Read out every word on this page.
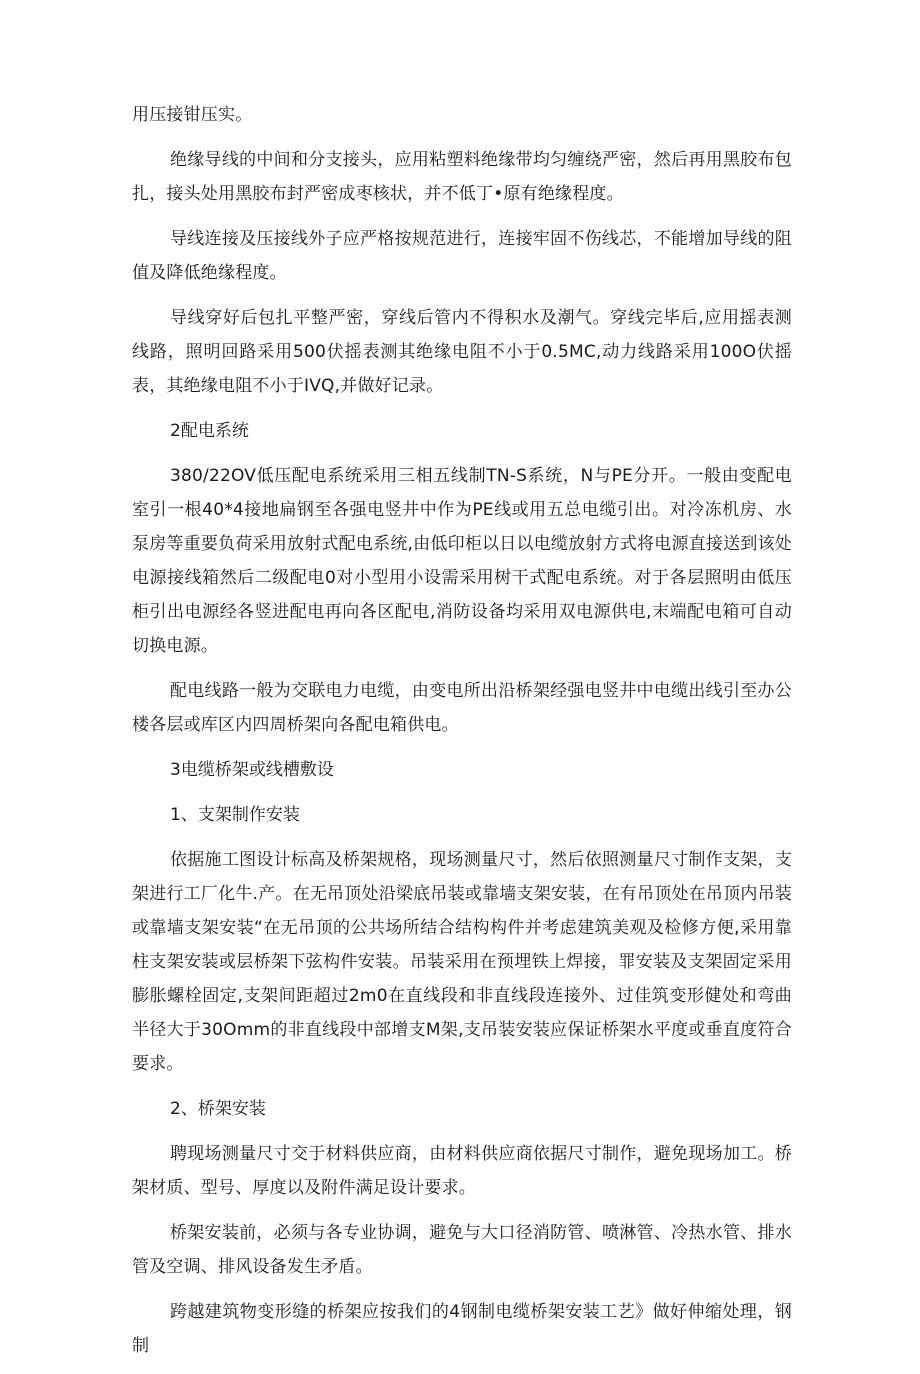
用压接钳压实。

绝缘导线的中间和分支接头，应用粘塑料绝缘带均匀缠绕严密，然后再用黑胶布包扎，接头处用黑胶布封严密成枣核状，并不低丁•原有绝缘程度。

导线连接及压接线外子应严格按规范进行，连接牢固不伤线芯，不能增加导线的阻值及降低绝缘程度。

导线穿好后包扎平整严密，穿线后管内不得积水及潮气。穿线完毕后,应用摇表测线路，照明回路采用500伏摇表测其绝缘电阻不小于0.5MC,动力线路采用100O伏摇表，其绝缘电阻不小于IVQ,并做好记录。

2配电系统

380/22OV低压配电系统采用三相五线制TN-S系统，N与PE分开。一般由变配电室引一根40*4接地扁钢至各强电竖井中作为PE线或用五总电缆引出。对冷冻机房、水泵房等重要负荷采用放射式配电系统,由低印柜以日以电缆放射方式将电源直接送到该处电源接线箱然后二级配电0对小型用小设需采用树干式配电系统。对于各层照明由低压柜引出电源经各竖进配电再向各区配电,消防设备均采用双电源供电,末端配电箱可自动切换电源。

配电线路一般为交联电力电缆，由变电所出沿桥架经强电竖井中电缆出线引至办公楼各层或库区内四周桥架向各配电箱供电。

3电缆桥架或线槽敷设

1、支架制作安装

依据施工图设计标高及桥架规格，现场测量尺寸，然后依照测量尺寸制作支架，支架进行工厂化牛.产。在无吊顶处沿梁底吊装或靠墙支架安装，在有吊顶处在吊顶内吊装或靠墙支架安装“在无吊顶的公共场所结合结构构件并考虑建筑美观及检修方便,采用靠柱支架安装或层桥架下弦构件安装。吊装采用在预埋铁上焊接，罪安装及支架固定采用膨胀螺栓固定,支架间距超过2m0在直线段和非直线段连接外、过佳筑变形健处和弯曲半径大于30Omm的非直线段中部增支M架,支吊装安装应保证桥架水平度或垂直度符合要求。

2、桥架安装

聘现场测量尺寸交于材料供应商，由材料供应商依据尺寸制作，避免现场加工。桥架材质、型号、厚度以及附件满足设计要求。

桥架安装前，必须与各专业协调，避免与大口径消防管、喷淋管、冷热水管、排水管及空调、排风设备发生矛盾。

跨越建筑物变形缝的桥架应按我们的4钢制电缆桥架安装工艺》做好伸缩处理，钢制
